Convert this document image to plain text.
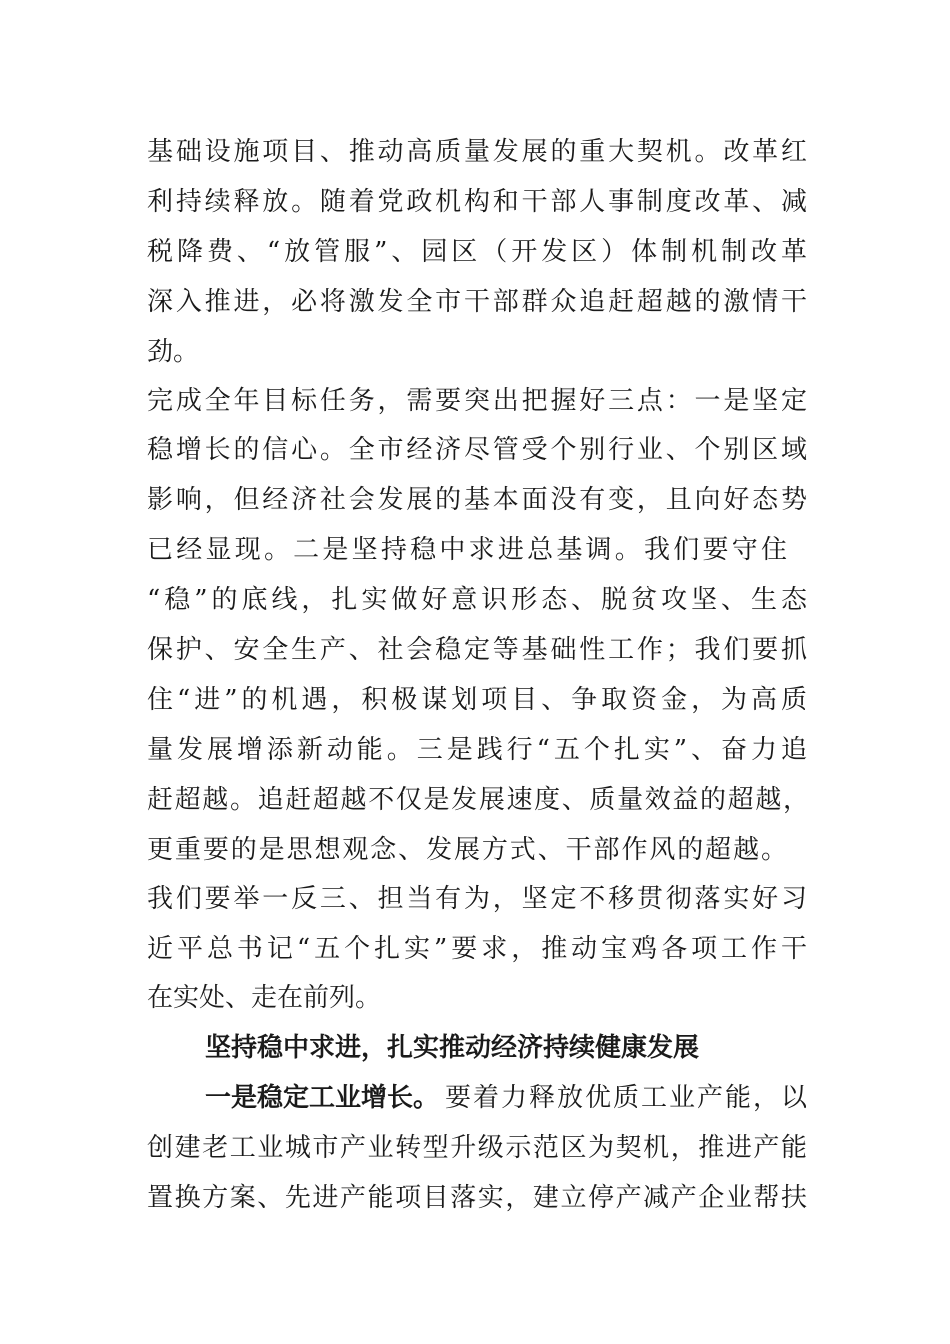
基础设施项目、推动高质量发展的重大契机。改革红
利持续释放。随着党政机构和干部人事制度改革、减
税降费、“放管服”、园区（开发区）体制机制改革
深入推进，必将激发全市干部群众追赶超越的激情干
劲。
完成全年目标任务，需要突出把握好三点：一是坚定
稳增长的信心。全市经济尽管受个别行业、个别区域
影响，但经济社会发展的基本面没有变，且向好态势
已经显现。二是坚持稳中求进总基调。我们要守住
“稳”的底线，扎实做好意识形态、脱贫攻坚、生态
保护、安全生产、社会稳定等基础性工作；我们要抓
住“进”的机遇，积极谋划项目、争取资金，为高质
量发展增添新动能。三是践行“五个扎实”、奋力追
赶超越。追赶超越不仅是发展速度、质量效益的超越，
更重要的是思想观念、发展方式、干部作风的超越。
我们要举一反三、担当有为，坚定不移贯彻落实好习
近平总书记“五个扎实”要求，推动宝鸡各项工作干
在实处、走在前列。
坚持稳中求进，扎实推动经济持续健康发展
一是稳定工业增长。 要着力释放优质工业产能，以
创建老工业城市产业转型升级示范区为契机，推进产能
置换方案、先进产能项目落实，建立停产减产企业帮扶
